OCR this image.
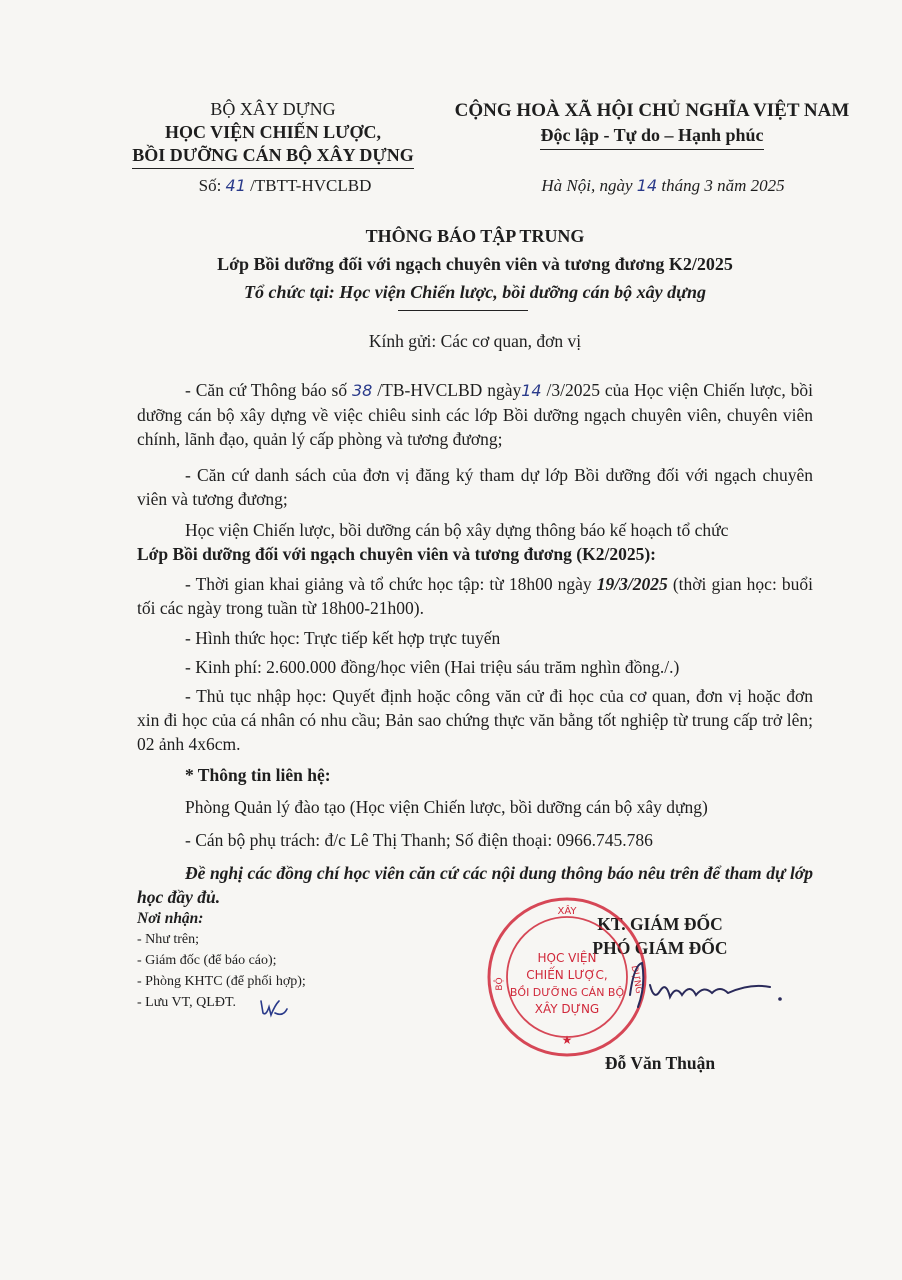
BỘ XÂY DỰNG
HỌC VIỆN CHIẾN LƯỢC,
BỒI DƯỠNG CÁN BỘ XÂY DỰNG
Số: 41 /TBTT-HVCLBD
CỘNG HOÀ XÃ HỘI CHỦ NGHĨA VIỆT NAM
Độc lập - Tự do – Hạnh phúc
Hà Nội, ngày 14 tháng 3 năm 2025
THÔNG BÁO TẬP TRUNG
Lớp Bồi dưỡng đối với ngạch chuyên viên và tương đương K2/2025
Tổ chức tại: Học viện Chiến lược, bồi dưỡng cán bộ xây dựng
Kính gửi: Các cơ quan, đơn vị
- Căn cứ Thông báo số 38 /TB-HVCLBD ngày14 /3/2025 của Học viện Chiến lược, bồi dưỡng cán bộ xây dựng về việc chiêu sinh các lớp Bồi dưỡng ngạch chuyên viên, chuyên viên chính, lãnh đạo, quản lý cấp phòng và tương đương;
- Căn cứ danh sách của đơn vị đăng ký tham dự lớp Bồi dưỡng đối với ngạch chuyên viên và tương đương;
Học viện Chiến lược, bồi dưỡng cán bộ xây dựng thông báo kế hoạch tổ chức
Lớp Bồi dưỡng đối với ngạch chuyên viên và tương đương (K2/2025):
- Thời gian khai giảng và tổ chức học tập: từ 18h00 ngày 19/3/2025 (thời gian học: buổi tối các ngày trong tuần từ 18h00-21h00).
- Hình thức học: Trực tiếp kết hợp trực tuyến
- Kinh phí: 2.600.000 đồng/học viên (Hai triệu sáu trăm nghìn đồng./.)
- Thủ tục nhập học: Quyết định hoặc công văn cử đi học của cơ quan, đơn vị hoặc đơn xin đi học của cá nhân có nhu cầu; Bản sao chứng thực văn bằng tốt nghiệp từ trung cấp trở lên; 02 ảnh 4x6cm.
* Thông tin liên hệ:
Phòng Quản lý đào tạo (Học viện Chiến lược, bồi dưỡng cán bộ xây dựng)
- Cán bộ phụ trách: đ/c Lê Thị Thanh; Số điện thoại: 0966.745.786
Đề nghị các đồng chí học viên căn cứ các nội dung thông báo nêu trên để tham dự lớp học đầy đủ.
Nơi nhận:
- Như trên;
- Giám đốc (để báo cáo);
- Phòng KHTC (để phối hợp);
- Lưu VT, QLĐT.
KT. GIÁM ĐỐC
PHÓ GIÁM ĐỐC
XÂY
BỘ	DỰNG
HỌC VIỆN
CHIẾN LƯỢC,
BỒI DƯỠNG CÁN BỘ
XÂY DỰNG
★
Đỗ Văn Thuận
